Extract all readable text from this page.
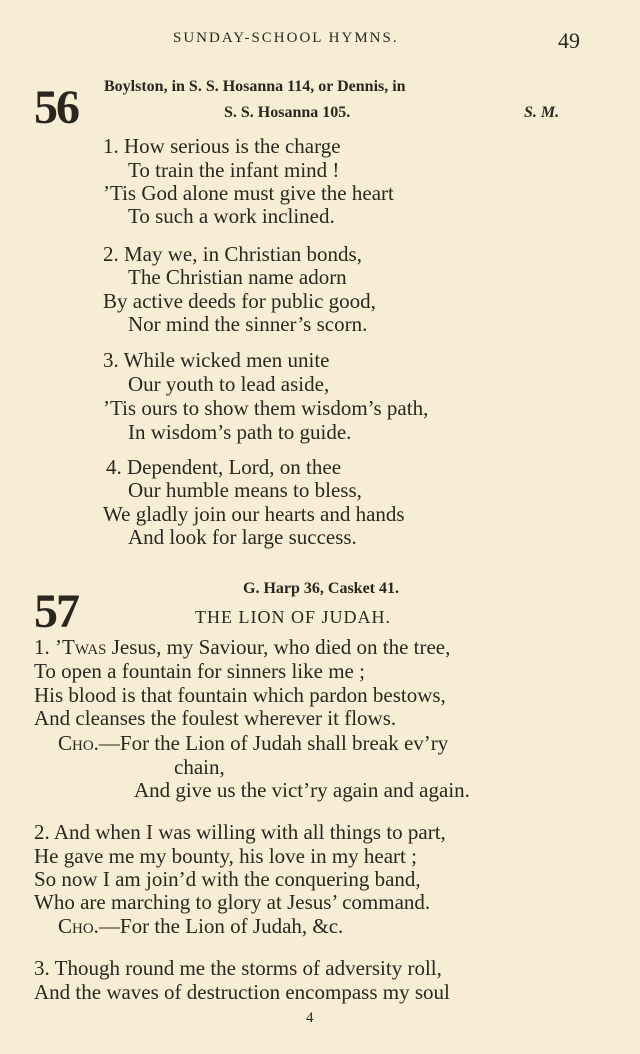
SUNDAY-SCHOOL HYMNS.	49
56 Boylston, in S. S. Hosanna 114, or Dennis, in
S. S. Hosanna 105.	S. M.
1. How serious is the charge
To train the infant mind !
’Tis God alone must give the heart
To such a work inclined.
2. May we, in Christian bonds,
The Christian name adorn
By active deeds for public good,
Nor mind the sinner’s scorn.
3. While wicked men unite
Our youth to lead aside,
’Tis ours to show them wisdom’s path,
In wisdom’s path to guide.
4. Dependent, Lord, on thee
Our humble means to bless,
We gladly join our hearts and hands
And look for large success.
G. Harp 36, Casket 41.
57	THE LION OF JUDAH.
1. ’Twas Jesus, my Saviour, who died on the tree,
To open a fountain for sinners like me ;
His blood is that fountain which pardon bestows,
And cleanses the foulest wherever it flows.
Cho.—For the Lion of Judah shall break ev’ry
chain,
And give us the vict’ry again and again.
2. And when I was willing with all things to part,
He gave me my bounty, his love in my heart ;
So now I am join’d with the conquering band,
Who are marching to glory at Jesus’ command.
Cho.—For the Lion of Judah, &c.
3. Though round me the storms of adversity roll,
And the waves of destruction encompass my soul
4
